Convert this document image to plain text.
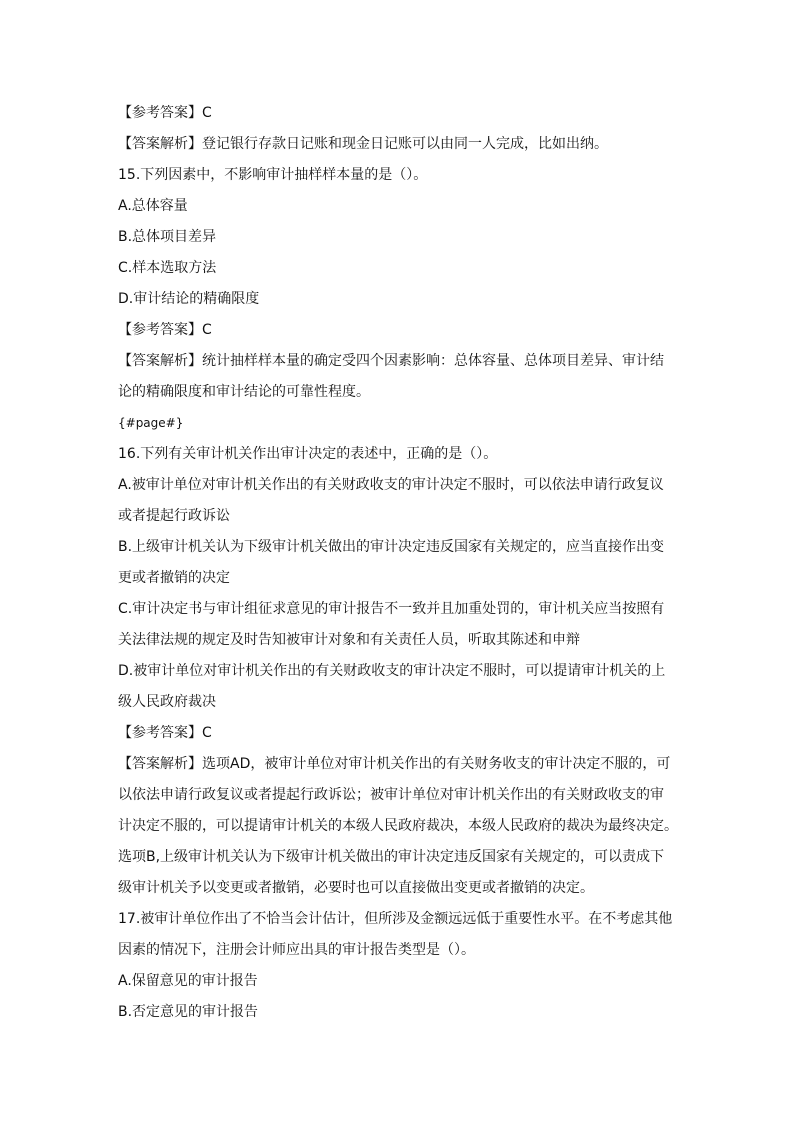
【参考答案】C
【答案解析】登记银行存款日记账和现金日记账可以由同一人完成，比如出纳。
15.下列因素中，不影响审计抽样样本量的是（）。
A.总体容量
B.总体项目差异
C.样本选取方法
D.审计结论的精确限度
【参考答案】C
【答案解析】统计抽样样本量的确定受四个因素影响：总体容量、总体项目差异、审计结
论的精确限度和审计结论的可靠性程度。
{#page#}
16.下列有关审计机关作出审计决定的表述中，正确的是（）。
A.被审计单位对审计机关作出的有关财政收支的审计决定不服时，可以依法申请行政复议
或者提起行政诉讼
B.上级审计机关认为下级审计机关做出的审计决定违反国家有关规定的，应当直接作出变
更或者撤销的决定
C.审计决定书与审计组征求意见的审计报告不一致并且加重处罚的，审计机关应当按照有
关法律法规的规定及时告知被审计对象和有关责任人员，听取其陈述和申辩
D.被审计单位对审计机关作出的有关财政收支的审计决定不服时，可以提请审计机关的上
级人民政府裁决
【参考答案】C
【答案解析】选项AD，被审计单位对审计机关作出的有关财务收支的审计决定不服的，可
以依法申请行政复议或者提起行政诉讼；被审计单位对审计机关作出的有关财政收支的审
计决定不服的，可以提请审计机关的本级人民政府裁决，本级人民政府的裁决为最终决定。
选项B,上级审计机关认为下级审计机关做出的审计决定违反国家有关规定的，可以责成下
级审计机关予以变更或者撤销，必要时也可以直接做出变更或者撤销的决定。
17.被审计单位作出了不恰当会计估计，但所涉及金额远远低于重要性水平。在不考虑其他
因素的情况下，注册会计师应出具的审计报告类型是（）。
A.保留意见的审计报告
B.否定意见的审计报告
